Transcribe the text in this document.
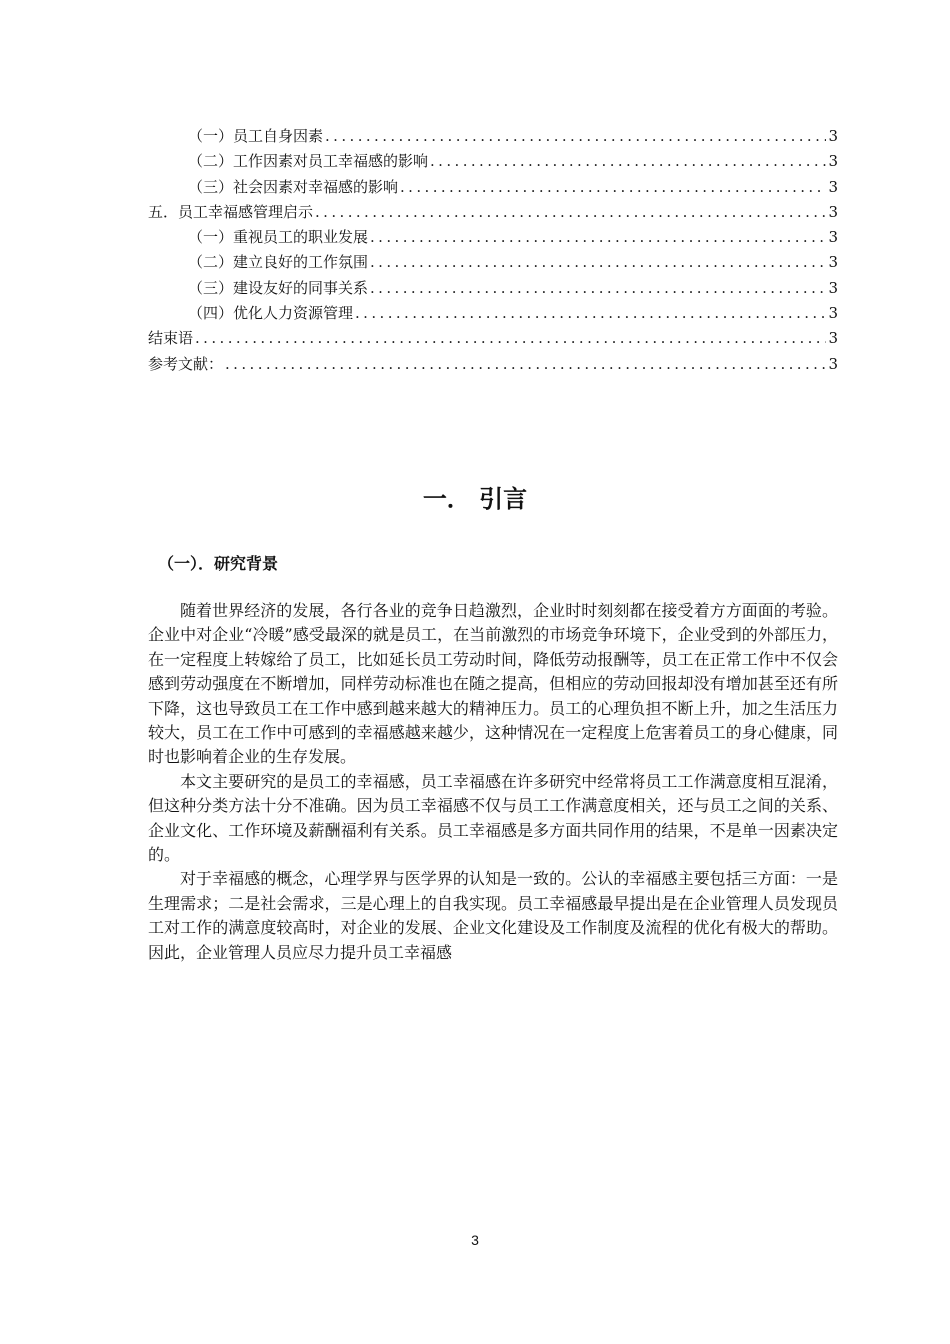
（一）员工自身因素 .....	3
（二）工作因素对员工幸福感的影响 .....	3
（三）社会因素对幸福感的影响 .....	3
五．员工幸福感管理启示 .....	3
（一）重视员工的职业发展 .....	3
（二）建立良好的工作氛围 .....	3
（三）建设友好的同事关系 .....	3
（四）优化人力资源管理 .....	3
结束语 .....	3
参考文献： .....	3
一． 引言
（一）．研究背景

随着世界经济的发展，各行各业的竞争日趋激烈，企业时时刻刻都在接受着方方面面的考验。企业中对企业“冷暖”感受最深的就是员工，在当前激烈的市场竞争环境下，企业受到的外部压力，在一定程度上转嫁给了员工，比如延长员工劳动时间，降低劳动报酬等，员工在正常工作中不仅会感到劳动强度在不断增加，同样劳动标准也在随之提高，但相应的劳动回报却没有增加甚至还有所下降，这也导致员工在工作中感到越来越大的精神压力。员工的心理负担不断上升，加之生活压力较大，员工在工作中可感到的幸福感越来越少，这种情况在一定程度上危害着员工的身心健康，同时也影响着企业的生存发展。

本文主要研究的是员工的幸福感，员工幸福感在许多研究中经常将员工工作满意度相互混淆，但这种分类方法十分不准确。因为员工幸福感不仅与员工工作满意度相关，还与员工之间的关系、企业文化、工作环境及薪酬福利有关系。员工幸福感是多方面共同作用的结果，不是单一因素决定的。

对于幸福感的概念，心理学界与医学界的认知是一致的。公认的幸福感主要包括三方面：一是生理需求；二是社会需求，三是心理上的自我实现。员工幸福感最早提出是在企业管理人员发现员工对工作的满意度较高时，对企业的发展、企业文化建设及工作制度及流程的优化有极大的帮助。因此，企业管理人员应尽力提升员工幸福感

3
